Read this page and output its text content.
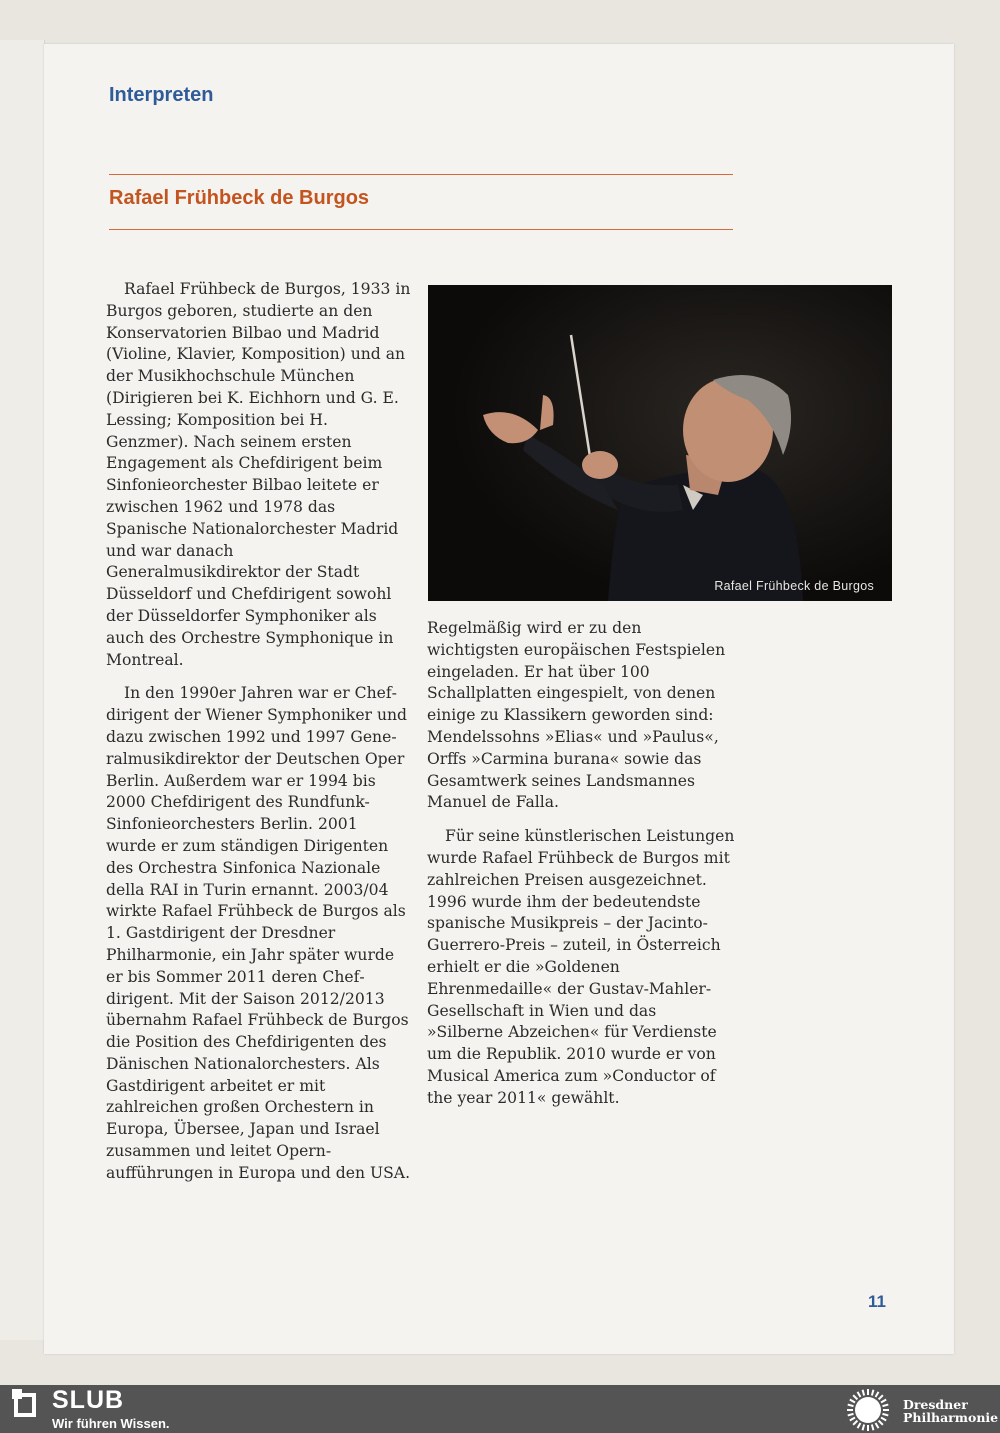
Interpreten
Rafael Frühbeck de Burgos

Rafael Frühbeck de Burgos, 1933 in Burgos geboren, studierte an den Konservatorien Bilbao und Madrid (Violine, Klavier, Komposition) und an der Musikhochschule München (Dirigieren bei K. Eichhorn und G. E. Lessing; Komposition bei H. Genzmer). Nach seinem ersten Engagement als Chefdirigent beim Sinfonieorchester Bilbao leitete er zwischen 1962 und 1978 das Spanische Nationalorchester Madrid und war danach Generalmusikdirektor der Stadt Düsseldorf und Chefdirigent sowohl der Düsseldorfer Symphoniker als auch des Orchestre Symphonique in Montreal.

In den 1990er Jahren war er Chefdirigent der Wiener Symphoniker und dazu zwischen 1992 und 1997 Generalmusikdirektor der Deutschen Oper Berlin. Außerdem war er 1994 bis 2000 Chefdirigent des Rundfunk-Sinfonieorchesters Berlin. 2001 wurde er zum ständigen Dirigenten des Orchestra Sinfonica Nazionale della RAI in Turin ernannt. 2003/04 wirkte Rafael Frühbeck de Burgos als 1. Gastdirigent der Dresdner Philharmonie, ein Jahr später wurde er bis Sommer 2011 deren Chefdirigent. Mit der Saison 2012/2013 übernahm Rafael Frühbeck de Burgos die Position des Chefdirigenten des Dänischen Nationalorchesters. Als Gastdirigent arbeitet er mit zahlreichen großen Orchestern in Europa, Übersee, Japan und Israel zusammen und leitet Opernaufführungen in Europa und den USA.

Rafael Frühbeck de Burgos

Regelmäßig wird er zu den wichtigsten europäischen Festspielen eingeladen. Er hat über 100 Schallplatten eingespielt, von denen einige zu Klassikern geworden sind: Mendelssohns »Elias« und »Paulus«, Orffs »Carmina burana« sowie das Gesamtwerk seines Landsmannes Manuel de Falla.

Für seine künstlerischen Leistungen wurde Rafael Frühbeck de Burgos mit zahlreichen Preisen ausgezeichnet. 1996 wurde ihm der bedeutendste spanische Musikpreis – der Jacinto-Guerrero-Preis – zuteil, in Österreich erhielt er die »Goldenen Ehrenmedaille« der Gustav-Mahler-Gesellschaft in Wien und das »Silberne Abzeichen« für Verdienste um die Republik. 2010 wurde er von Musical America zum »Conductor of the year 2011« gewählt.

11
SLUB
Wir führen Wissen.
Dresdner
Philharmonie
